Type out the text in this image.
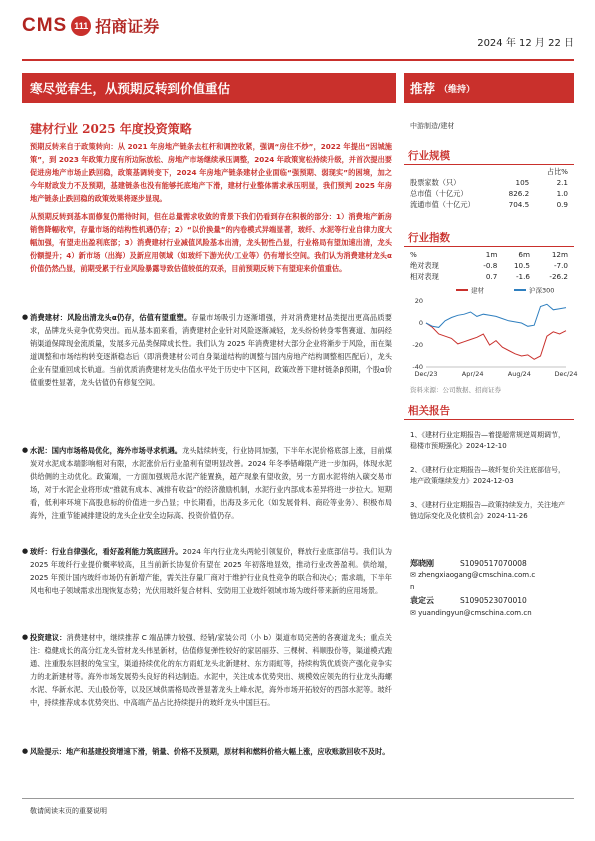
CMS 111 招商证券
2024 年 12 月 22 日
寒尽觉春生，从预期反转到价值重估	推荐 （维持）
建材行业 2025 年度投资策略
预期反转来自于政策转向：从 2021 年房地产链条去杠杆和调控收紧，强调“房住不炒”，2022 年提出“因城施策”，到 2023 年政策力度有所边际放松、房地产市场继续承压调整，2024 年政策宽松持续升级，并首次提出要促进房地产市场止跌回稳，政策基调转变下，2024 年房地产链条建材企业面临“强预期、弱现实”的困境，加之今年财政发力不及预期，基建链条也没有能够托底地产下滑，建材行业整体需求承压明显，我们预判 2025 年房地产链条止跌回稳的政策效果将逐步显现。
从预期反转到基本面修复仍需待时间，但在总量需求收敛的背景下我们仍看到存在积极的部分：1）消费地产新房销售降幅收窄，存量市场的结构性机遇仍存；2）“以价换量”的内卷模式异端显著，玻纤、水泥等行业自律力度大幅加强，有望走出盈利底部；3）消费建材行业减值风险基本出清，龙头韧性凸显，行业格局有望加速出清，龙头份额提升；4）新市场（出海）及新应用领域（如玻纤下游光伏/工业等）仍有增长空间。我们认为消费建材龙头α价值仍然凸显，前期受累于行业风险暴露导致估值较低的双杀，目前预期反转下有望迎来价值重估。
● 消费建材：风险出清龙头α仍存，估值有望重塑。存量市场吸引力逐渐增强，并对消费建材品类提出更高品质要求，品牌龙头竞争优势突出。而从基本面来看，消费建材企业针对风险逐渐减轻，龙头纷纷转身零售赛道、加码经销渠道保障现金流质量，发展多元品类保障成长性。我们认为 2025 年消费建材大部分企业将渐步于风险，而在渠道调整和市场结构转变逐渐稳态后（即消费建材公司自身渠道结构的调整与国内房地产结构调整相匹配后），龙头企业有望重回成长轨道。当前优质消费建材龙头估值水平处于历史中下区间，政策改善下建材链条β预期，个股α价值重要性显著，龙头估值仍有修复空间。
● 水泥：国内市场格局优化，海外市场寻求机遇。龙头陆续转变，行业协同加强，下半年水泥价格底部上涨，目前煤炭对水泥成本端影响相对有限，水泥涨价后行业盈利有望明显改善。2024 年冬季错峰限产进一步加码，体现水泥供给侧的主动优化。政策端，一方面加强规范水泥产能置换，超产现象有望收敛，另一方面水泥将纳入碳交易市场，对于水泥企业将形成“推就有成本、减排有收益”的经济激励机制，水泥行业内部成本差异将进一步拉大。短期看，低利率环境下高股息标的价值进一步凸显；中长期看，出海及多元化（如发展骨料、商砼等业务）、积极布局海外，注重节能减排建设的龙头企业安全边际高、投资价值仍存。
● 玻纤：行业自律强化，看好盈利能力筑底回升。2024 年内行业龙头两轮引领复价，释放行业底部信号。我们认为 2025 年玻纤行业提价概率较高，且当前新长协复价有望在 2025 年初落地显效，推动行业改善盈利。供给端，2025 年预计国内玻纤市场仍有新增产能，需关注存量厂商对于维护行业良性竞争的联合和决心；需求端，下半年风电和电子领域需求出现恢复态势；光伏用玻纤复合材料、安防用工业玻纤领域市场为玻纤带来新的应用场景。
● 投资建议：消费建材中，继续推荐 C 端品牌力较强、经销/家装公司（小 b）渠道布局完善的各赛道龙头；重点关注：稳健成长的高分红龙头管材龙头伟星新材，估值修复弹性较好的家居丽芬、三棵树、科顺股份等，渠道模式跑通、注重股东回报的兔宝宝，渠道持续优化的东方雨虹龙头北新建材、东方雨虹等，持续构筑优质资产强化竞争实力的北新建材等。海外市场发展势头良好的科达制造。水泥中，关注成本优势突出、规模效应领先的行业龙头海螺水泥、华新水泥、天山股份等，以及区域供需格局改善显著龙头上峰水泥，海外市场开拓较好的西部水泥等。玻纤中，持续推荐成本优势突出、中高端产品占比持续提升的玻纤龙头中国巨石。
● 风险提示：地产和基建投资增速下滑，销量、价格不及预期，原材料和燃料价格大幅上涨，应收账款回收不及时。
中游制造/建材
行业规模
		占比%
股票家数（只）	105	2.1
总市值（十亿元）	826.2	1.0
流通市值（十亿元）	704.5	0.9
行业指数
%	1m	6m	12m
绝对表现	-0.8	10.5	-7.0
相对表现	0.7	-1.6	-26.2
建材	沪深300
20
0
-20
-40
Dec/23	Apr/24	Aug/24	Dec/24
资料来源：公司数据、招商证券
相关报告
1、《建材行业定期报告—着提超常规逆周期调节，稳楼市预期强化》2024-12-10
2、《建材行业定期报告—玻纤复价关注底部信号，地产政策继续发力》2024-12-03
3、《建材行业定期报告—政策持续发力，关注地产链边际变化及化债机会》2024-11-26
郑晓刚	S1090517070008
✉ zhengxiaogang@cmschina.com.c
n
袁定云	S1090523070010
✉ yuandingyun@cmschina.com.cn
敬请阅读末页的重要说明
